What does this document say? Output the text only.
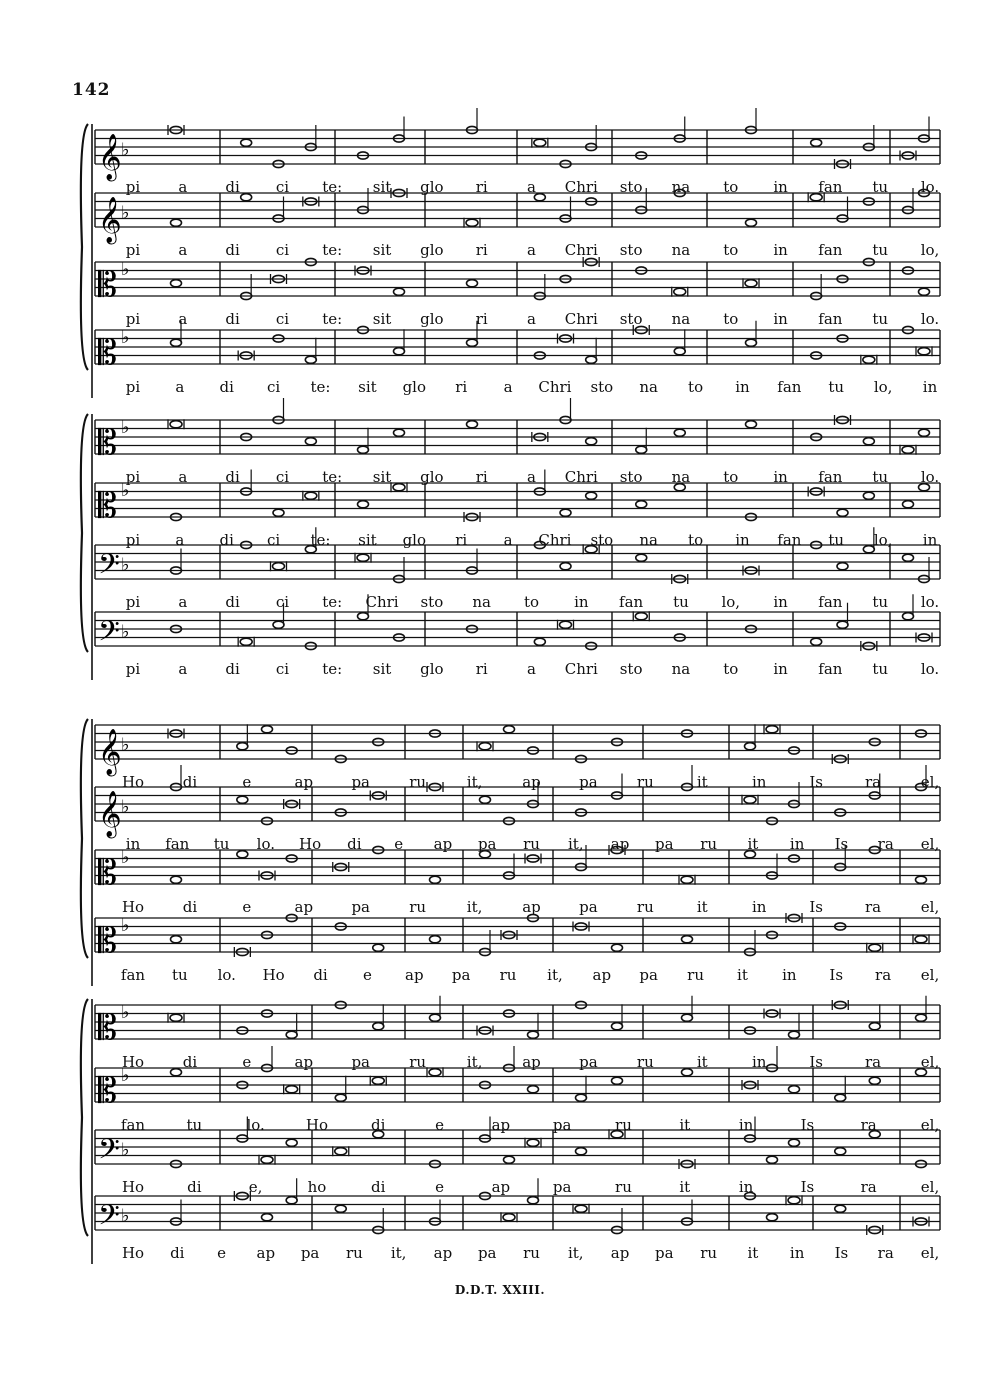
142
𝄞 ♭
pi	a	di ci te: sit glo ri	a Chri sto na to in fan tu lo.
𝄞 ♭
pi	a	di ci te: sit glo ri	a Chri sto na to in fan tu lo,
𝄡 ♭
pi	a	di ci te: sit glo ri	a Chri sto na to in fan tu lo.
𝄡 ♭
pi a di ci te: sit glo ri a Chri sto na to in fan tu lo, in
𝄡 ♭
pi	a	di ci te: sit glo ri	a Chri sto na to in fan tu lo.
𝄡 ♭
pi a di ci te: sit glo ri a Chri sto na to in fan tu lo, in
𝄢 ♭
pi	a	di ci te: Chri sto na to in fan tu lo, in fan tu lo.
𝄢 ♭
pi	a	di ci te: sit glo ri	a Chri sto na to in fan tu lo.
𝄞 ♭
Ho	di	e	ap	pa	ru	it,	ap	pa	ru	it	in	Is	ra	el,
𝄞 ♭
in fan tu lo. Ho di e ap pa ru it, ap pa ru it in Is ra el,
𝄡 ♭
Ho	di	e	ap	pa	ru	it,	ap	pa	ru	it	in	Is	ra	el,
𝄡 ♭
fan tu lo. Ho di e ap pa ru it, ap pa ru it in Is ra el,
𝄡 ♭
Ho	di	e	ap	pa	ru	it,	ap	pa	ru	it	in	Is	ra	el,
𝄡 ♭
fan	tu	lo.	Ho	di	e	ap	pa	ru	it	in	Is	ra	el,
𝄢 ♭
Ho	di	e,	ho	di	e	ap	pa	ru	it	in	Is	ra	el,
𝄢 ♭
Ho di e ap pa ru it, ap pa ru it, ap pa ru it in Is ra el,
D.D.T. XXIII.
